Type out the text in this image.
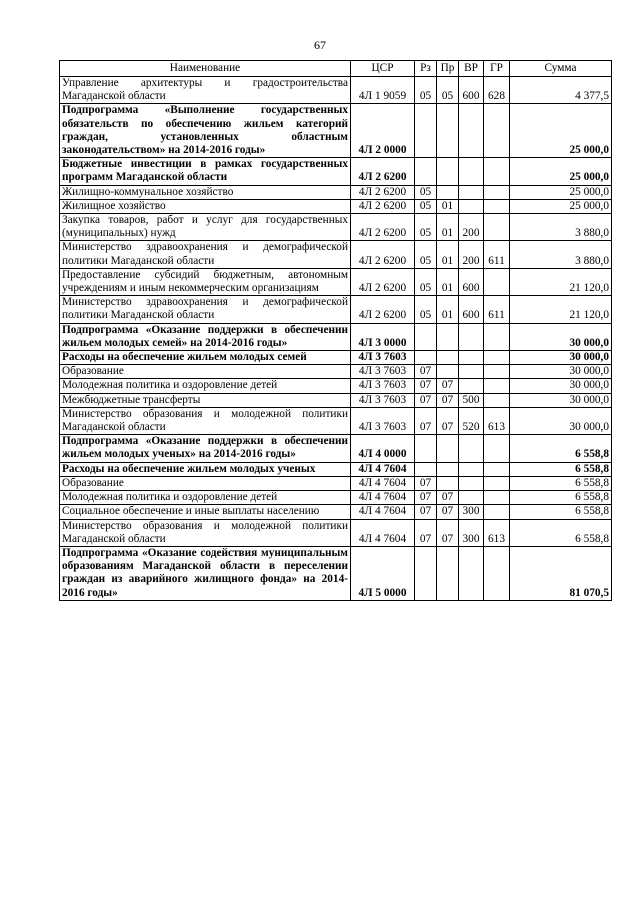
67
Наименование	ЦСР	Рз	Пр	ВР	ГР	Сумма
Управление архитектуры и градостроительства Магаданской области	4Л 1 9059	05	05	600	628	4 377,5
Подпрограмма «Выполнение государственных обязательств по обеспечению жильем категорий граждан, установленных областным законодательством» на 2014-2016 годы»	4Л 2 0000					25 000,0
Бюджетные инвестиции в рамках государственных программ Магаданской области	4Л 2 6200					25 000,0
Жилищно-коммунальное хозяйство	4Л 2 6200	05				25 000,0
Жилищное хозяйство	4Л 2 6200	05	01			25 000,0
Закупка товаров, работ и услуг для государственных (муниципальных) нужд	4Л 2 6200	05	01	200		3 880,0
Министерство здравоохранения и демографической политики Магаданской области	4Л 2 6200	05	01	200	611	3 880,0
Предоставление субсидий бюджетным, автономным учреждениям и иным некоммерческим организациям	4Л 2 6200	05	01	600		21 120,0
Министерство здравоохранения и демографической политики Магаданской области	4Л 2 6200	05	01	600	611	21 120,0
Подпрограмма «Оказание поддержки в обеспечении жильем молодых семей» на 2014-2016 годы»	4Л 3 0000					30 000,0
Расходы на обеспечение жильем молодых семей	4Л 3 7603					30 000,0
Образование	4Л 3 7603	07				30 000,0
Молодежная политика и оздоровление детей	4Л 3 7603	07	07			30 000,0
Межбюджетные трансферты	4Л 3 7603	07	07	500		30 000,0
Министерство образования и молодежной политики Магаданской области	4Л 3 7603	07	07	520	613	30 000,0
Подпрограмма «Оказание поддержки в обеспечении жильем молодых ученых» на 2014-2016 годы»	4Л 4 0000					6 558,8
Расходы на обеспечение жильем молодых ученых	4Л 4 7604					6 558,8
Образование	4Л 4 7604	07				6 558,8
Молодежная политика и оздоровление детей	4Л 4 7604	07	07			6 558,8
Социальное обеспечение и иные выплаты населению	4Л 4 7604	07	07	300		6 558,8
Министерство образования и молодежной политики Магаданской области	4Л 4 7604	07	07	300	613	6 558,8
Подпрограмма «Оказание содействия муниципальным образованиям Магаданской области в переселении граждан из аварийного жилищного фонда» на 2014-2016 годы»	4Л 5 0000					81 070,5
